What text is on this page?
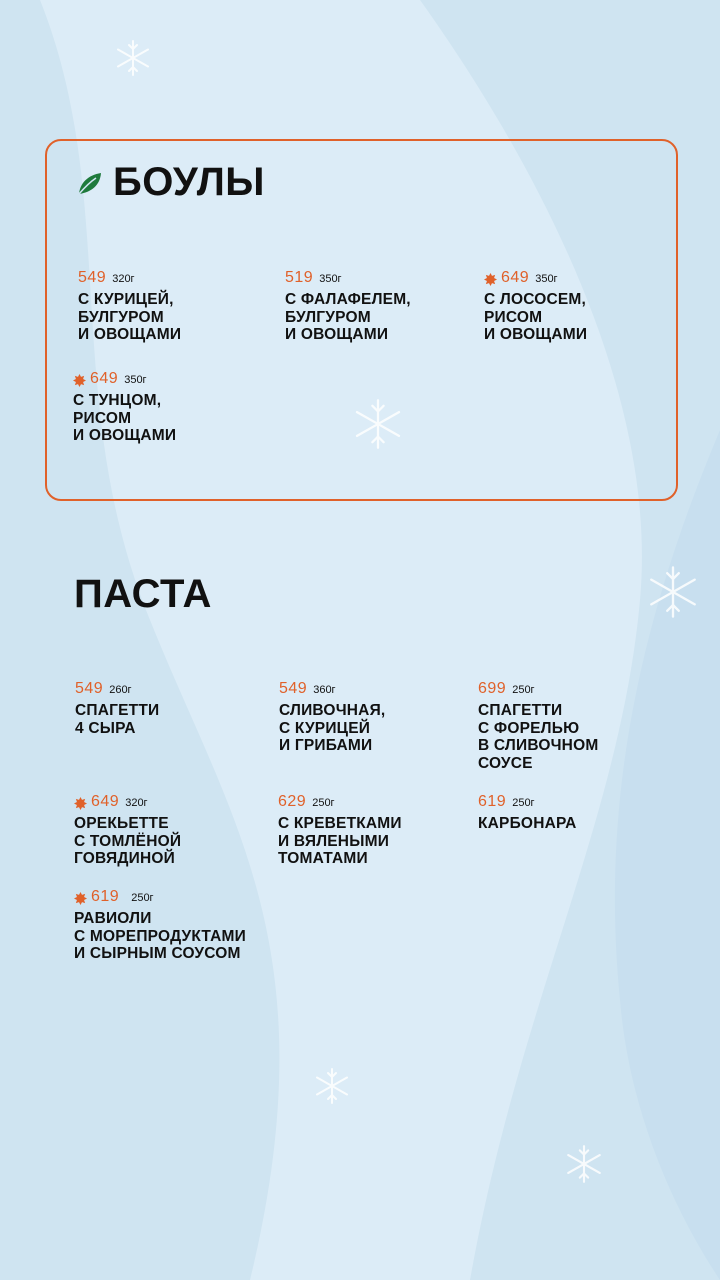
БОУЛЫ
549 320г
С КУРИЦЕЙ,
БУЛГУРОМ
И ОВОЩАМИ
519 350г
С ФАЛАФЕЛЕМ,
БУЛГУРОМ
И ОВОЩАМИ
649 350г
С ЛОСОСЕМ,
РИСОМ
И ОВОЩАМИ
649 350г
С ТУНЦОМ,
РИСОМ
И ОВОЩАМИ
ПАСТА
549 260г
СПАГЕТТИ
4 СЫРА
549 360г
СЛИВОЧНАЯ,
С КУРИЦЕЙ
И ГРИБАМИ
699 250г
СПАГЕТТИ
С ФОРЕЛЬЮ
В СЛИВОЧНОМ
СОУСЕ
649 320г
ОРЕКЬЕТТЕ
С ТОМЛЁНОЙ
ГОВЯДИНОЙ
629 250г
С КРЕВЕТКАМИ
И ВЯЛЕНЫМИ
ТОМАТАМИ
619 250г
КАРБОНАРА
619 250г
РАВИОЛИ
С МОРЕПРОДУКТАМИ
И СЫРНЫМ СОУСОМ
